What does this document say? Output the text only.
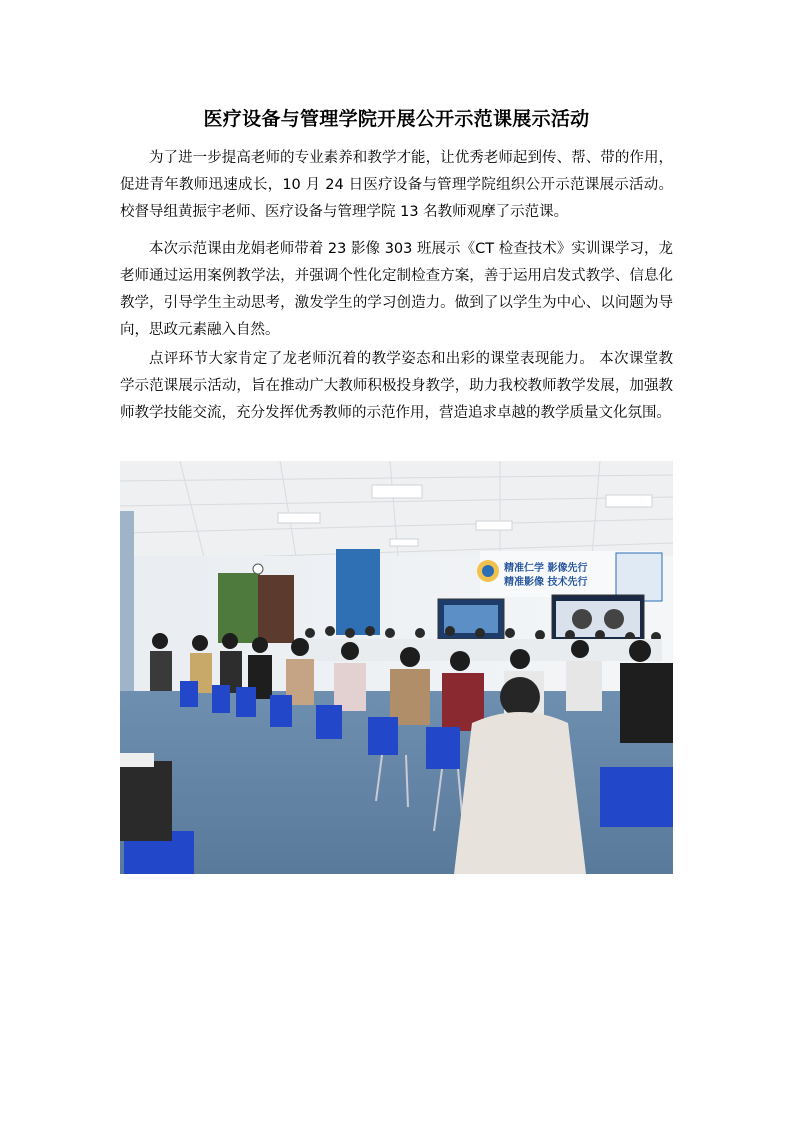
医疗设备与管理学院开展公开示范课展示活动

为了进一步提高老师的专业素养和教学才能，让优秀老师起到传、帮、带的作用，促进青年教师迅速成长，10 月 24 日医疗设备与管理学院组织公开示范课展示活动。校督导组黄振宇老师、医疗设备与管理学院 13 名教师观摩了示范课。

本次示范课由龙娟老师带着 23 影像 303 班展示《CT 检查技术》实训课学习，龙老师通过运用案例教学法，并强调个性化定制检查方案，善于运用启发式教学、信息化教学，引导学生主动思考，激发学生的学习创造力。做到了以学生为中心、以问题为导向，思政元素融入自然。

点评环节大家肯定了龙老师沉着的教学姿态和出彩的课堂表现能力。 本次课堂教学示范课展示活动，旨在推动广大教师积极投身教学，助力我校教师教学发展，加强教师教学技能交流，充分发挥优秀教师的示范作用，营造追求卓越的教学质量文化氛围。

精准仁学 影像先行
精准影像 技术先行
